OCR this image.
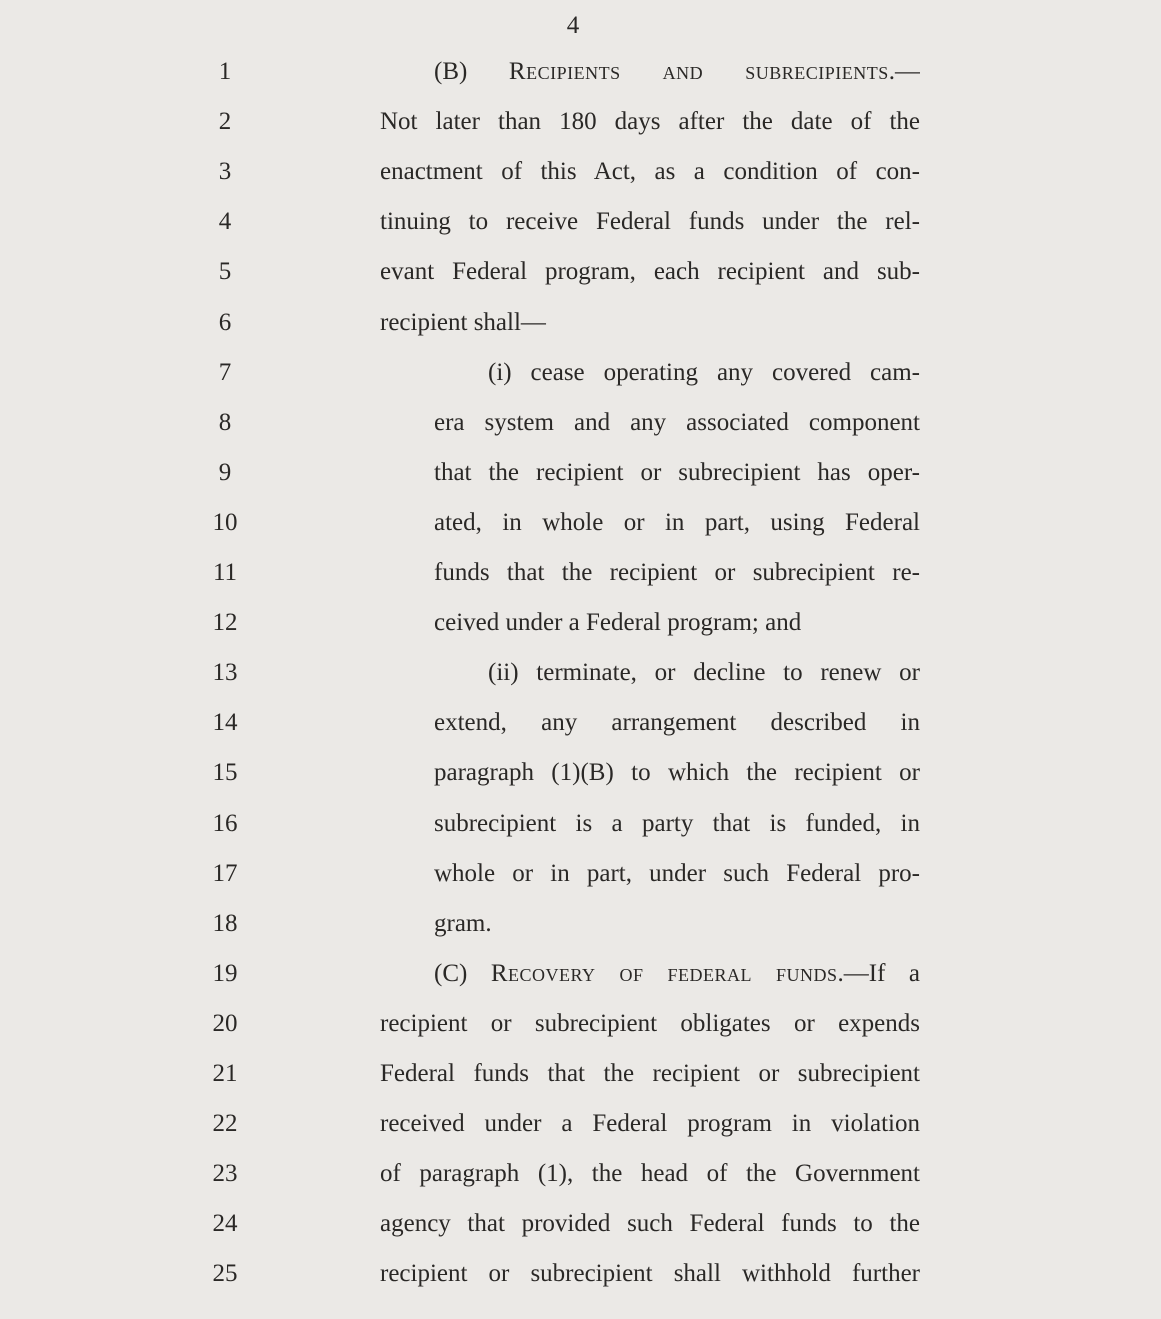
4
1	(B) Recipients and subrecipients.—
2	Not later than 180 days after the date of the
3	enactment of this Act, as a condition of con-
4	tinuing to receive Federal funds under the rel-
5	evant Federal program, each recipient and sub-
6	recipient shall—
7	(i) cease operating any covered cam-
8	era system and any associated component
9	that the recipient or subrecipient has oper-
10	ated, in whole or in part, using Federal
11	funds that the recipient or subrecipient re-
12	ceived under a Federal program; and
13	(ii) terminate, or decline to renew or
14	extend, any arrangement described in
15	paragraph (1)(B) to which the recipient or
16	subrecipient is a party that is funded, in
17	whole or in part, under such Federal pro-
18	gram.
19	(C) Recovery of federal funds.—If a
20	recipient or subrecipient obligates or expends
21	Federal funds that the recipient or subrecipient
22	received under a Federal program in violation
23	of paragraph (1), the head of the Government
24	agency that provided such Federal funds to the
25	recipient or subrecipient shall withhold further
